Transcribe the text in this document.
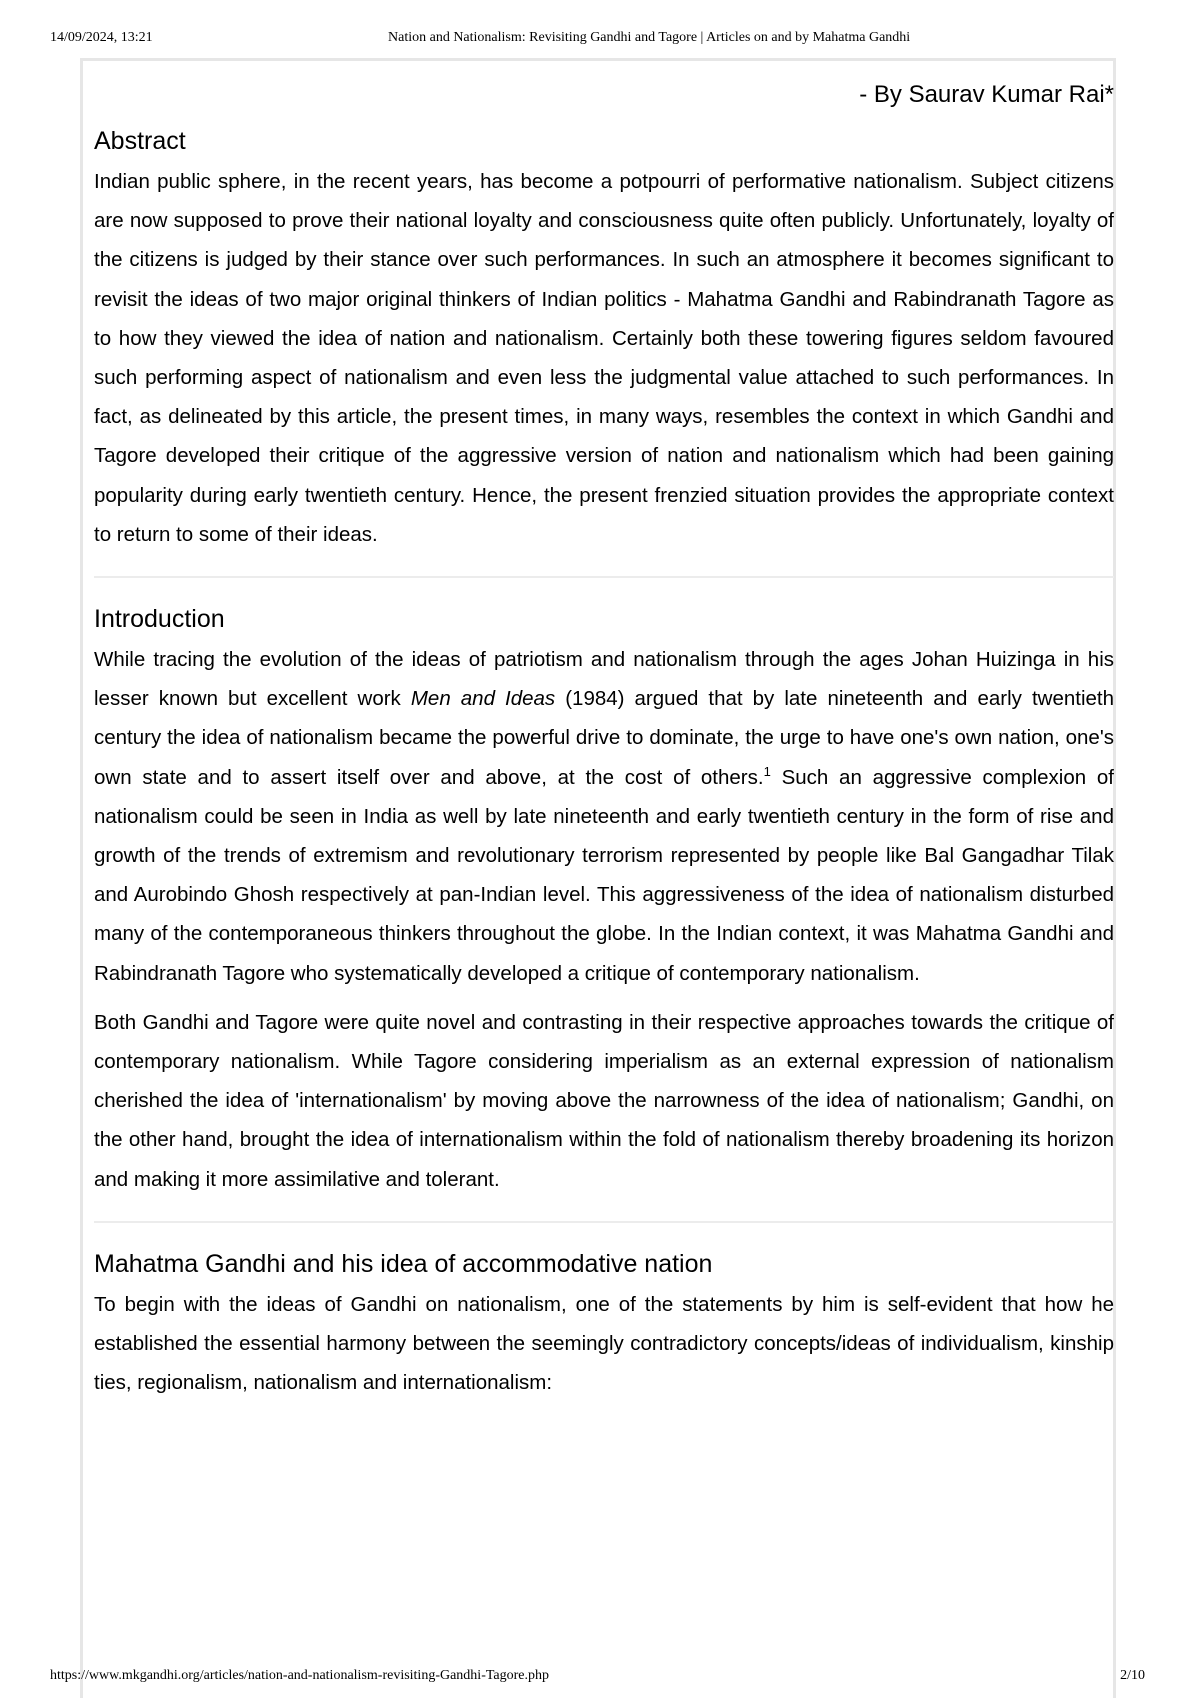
14/09/2024, 13:21	Nation and Nationalism: Revisiting Gandhi and Tagore | Articles on and by Mahatma Gandhi
- By Saurav Kumar Rai*
Abstract

Indian public sphere, in the recent years, has become a potpourri of performative nationalism. Subject citizens are now supposed to prove their national loyalty and consciousness quite often publicly. Unfortunately, loyalty of the citizens is judged by their stance over such performances. In such an atmosphere it becomes significant to revisit the ideas of two major original thinkers of Indian politics - Mahatma Gandhi and Rabindranath Tagore as to how they viewed the idea of nation and nationalism. Certainly both these towering figures seldom favoured such performing aspect of nationalism and even less the judgmental value attached to such performances. In fact, as delineated by this article, the present times, in many ways, resembles the context in which Gandhi and Tagore developed their critique of the aggressive version of nation and nationalism which had been gaining popularity during early twentieth century. Hence, the present frenzied situation provides the appropriate context to return to some of their ideas.

Introduction

While tracing the evolution of the ideas of patriotism and nationalism through the ages Johan Huizinga in his lesser known but excellent work Men and Ideas (1984) argued that by late nineteenth and early twentieth century the idea of nationalism became the powerful drive to dominate, the urge to have one's own nation, one's own state and to assert itself over and above, at the cost of others.$^1$ Such an aggressive complexion of nationalism could be seen in India as well by late nineteenth and early twentieth century in the form of rise and growth of the trends of extremism and revolutionary terrorism represented by people like Bal Gangadhar Tilak and Aurobindo Ghosh respectively at pan-Indian level. This aggressiveness of the idea of nationalism disturbed many of the contemporaneous thinkers throughout the globe. In the Indian context, it was Mahatma Gandhi and Rabindranath Tagore who systematically developed a critique of contemporary nationalism.

Both Gandhi and Tagore were quite novel and contrasting in their respective approaches towards the critique of contemporary nationalism. While Tagore considering imperialism as an external expression of nationalism cherished the idea of 'internationalism' by moving above the narrowness of the idea of nationalism; Gandhi, on the other hand, brought the idea of internationalism within the fold of nationalism thereby broadening its horizon and making it more assimilative and tolerant.

Mahatma Gandhi and his idea of accommodative nation

To begin with the ideas of Gandhi on nationalism, one of the statements by him is self-evident that how he established the essential harmony between the seemingly contradictory concepts/ideas of individualism, kinship ties, regionalism, nationalism and internationalism:

https://www.mkgandhi.org/articles/nation-and-nationalism-revisiting-Gandhi-Tagore.php	2/10
